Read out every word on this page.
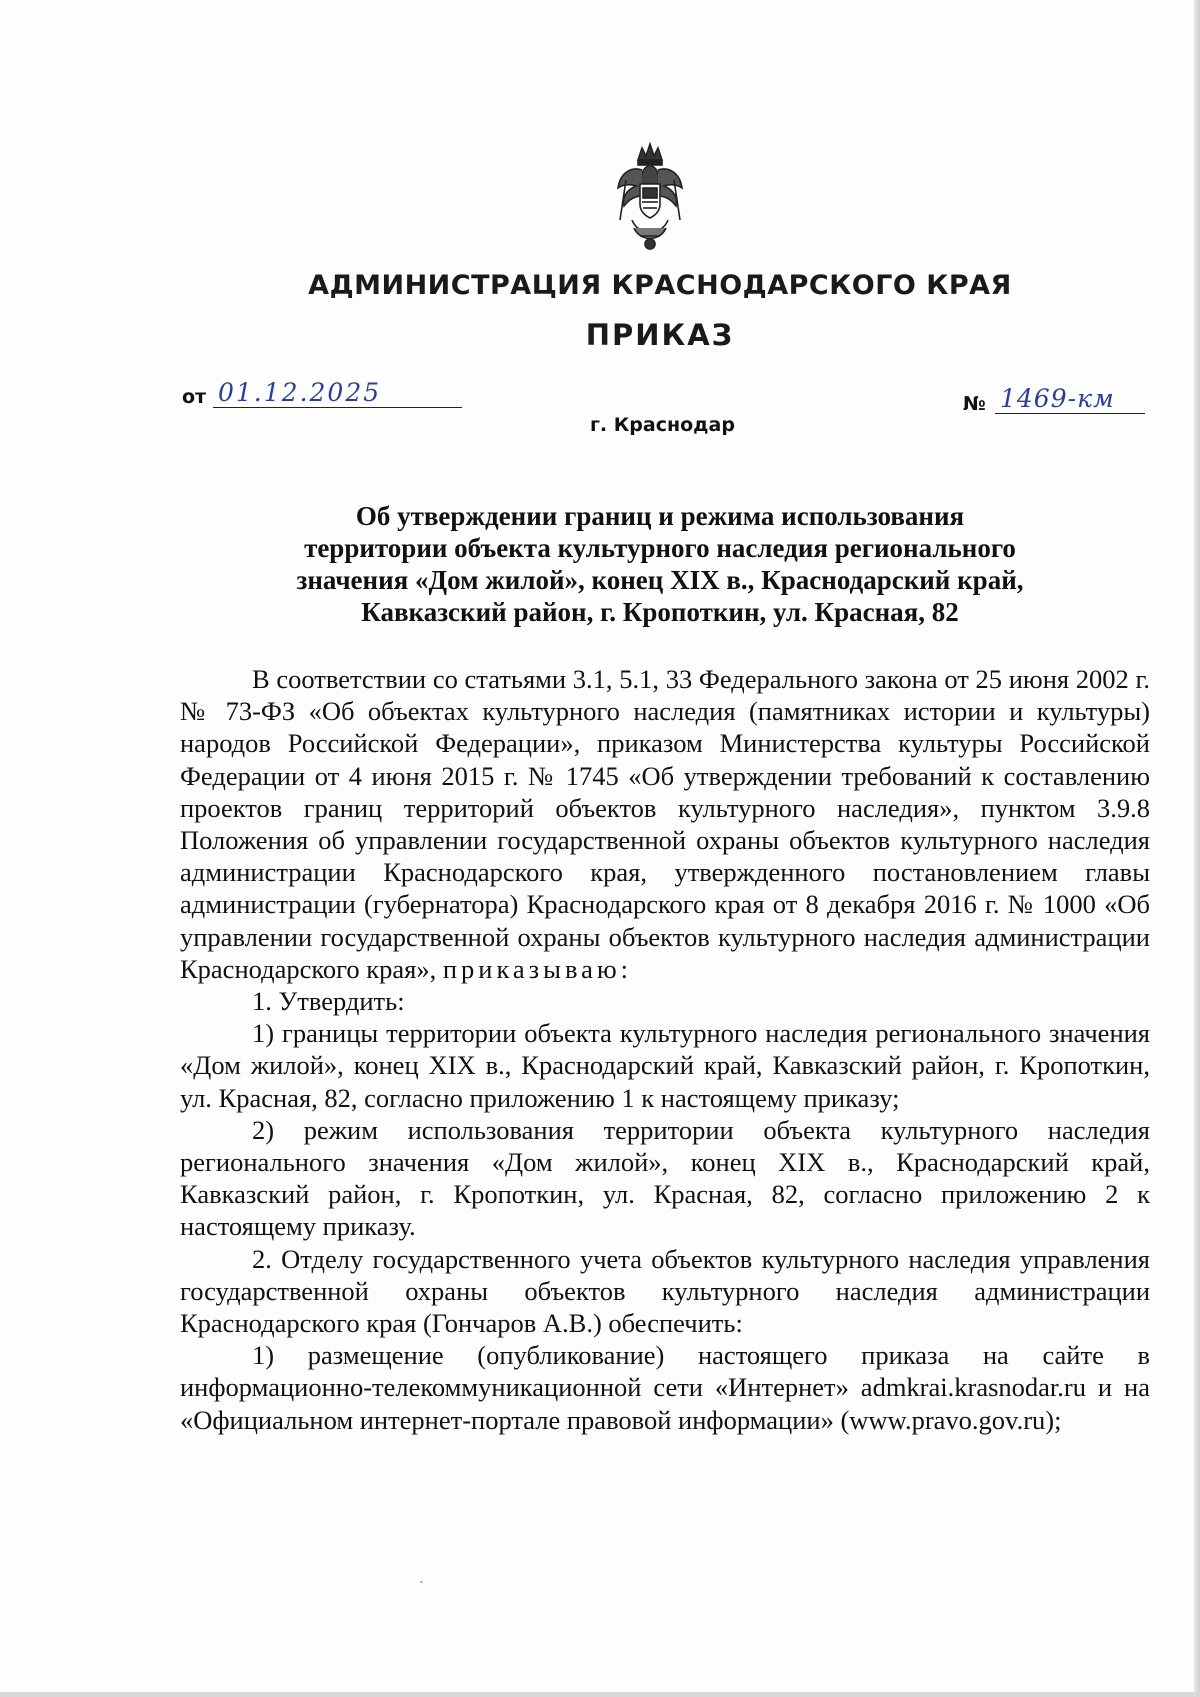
АДМИНИСТРАЦИЯ КРАСНОДАРСКОГО КРАЯ
ПРИКАЗ
от 01.12.2025	№ 1469-км
г. Краснодар
Об утверждении границ и режима использования
территории объекта культурного наследия регионального
значения «Дом жилой», конец XIX в., Краснодарский край,
Кавказский район, г. Кропоткин, ул. Красная, 82

В соответствии со статьями 3.1, 5.1, 33 Федерального закона от 25 июня 2002 г. № 73-ФЗ «Об объектах культурного наследия (памятниках истории и культуры) народов Российской Федерации», приказом Министерства культуры Российской Федерации от 4 июня 2015 г. № 1745 «Об утверждении требований к составлению проектов границ территорий объектов культурного наследия», пунктом 3.9.8 Положения об управлении государственной охраны объектов культурного наследия администрации Краснодарского края, утвержденного постановлением главы администрации (губернатора) Краснодарского края от 8 декабря 2016 г. № 1000 «Об управлении государственной охраны объектов культурного наследия администрации Краснодарского края», приказываю:

1. Утвердить:

1) границы территории объекта культурного наследия регионального значения «Дом жилой», конец XIX в., Краснодарский край, Кавказский район, г. Кропоткин, ул. Красная, 82, согласно приложению 1 к настоящему приказу;

2) режим использования территории объекта культурного наследия регионального значения «Дом жилой», конец XIX в., Краснодарский край, Кавказский район, г. Кропоткин, ул. Красная, 82, согласно приложению 2 к настоящему приказу.

2. Отделу государственного учета объектов культурного наследия управления государственной охраны объектов культурного наследия администрации Краснодарского края (Гончаров А.В.) обеспечить:

1) размещение (опубликование) настоящего приказа на сайте в информационно-телекоммуникационной сети «Интернет» admkrai.krasnodar.ru и на «Официальном интернет-портале правовой информации» (www.pravo.gov.ru);
